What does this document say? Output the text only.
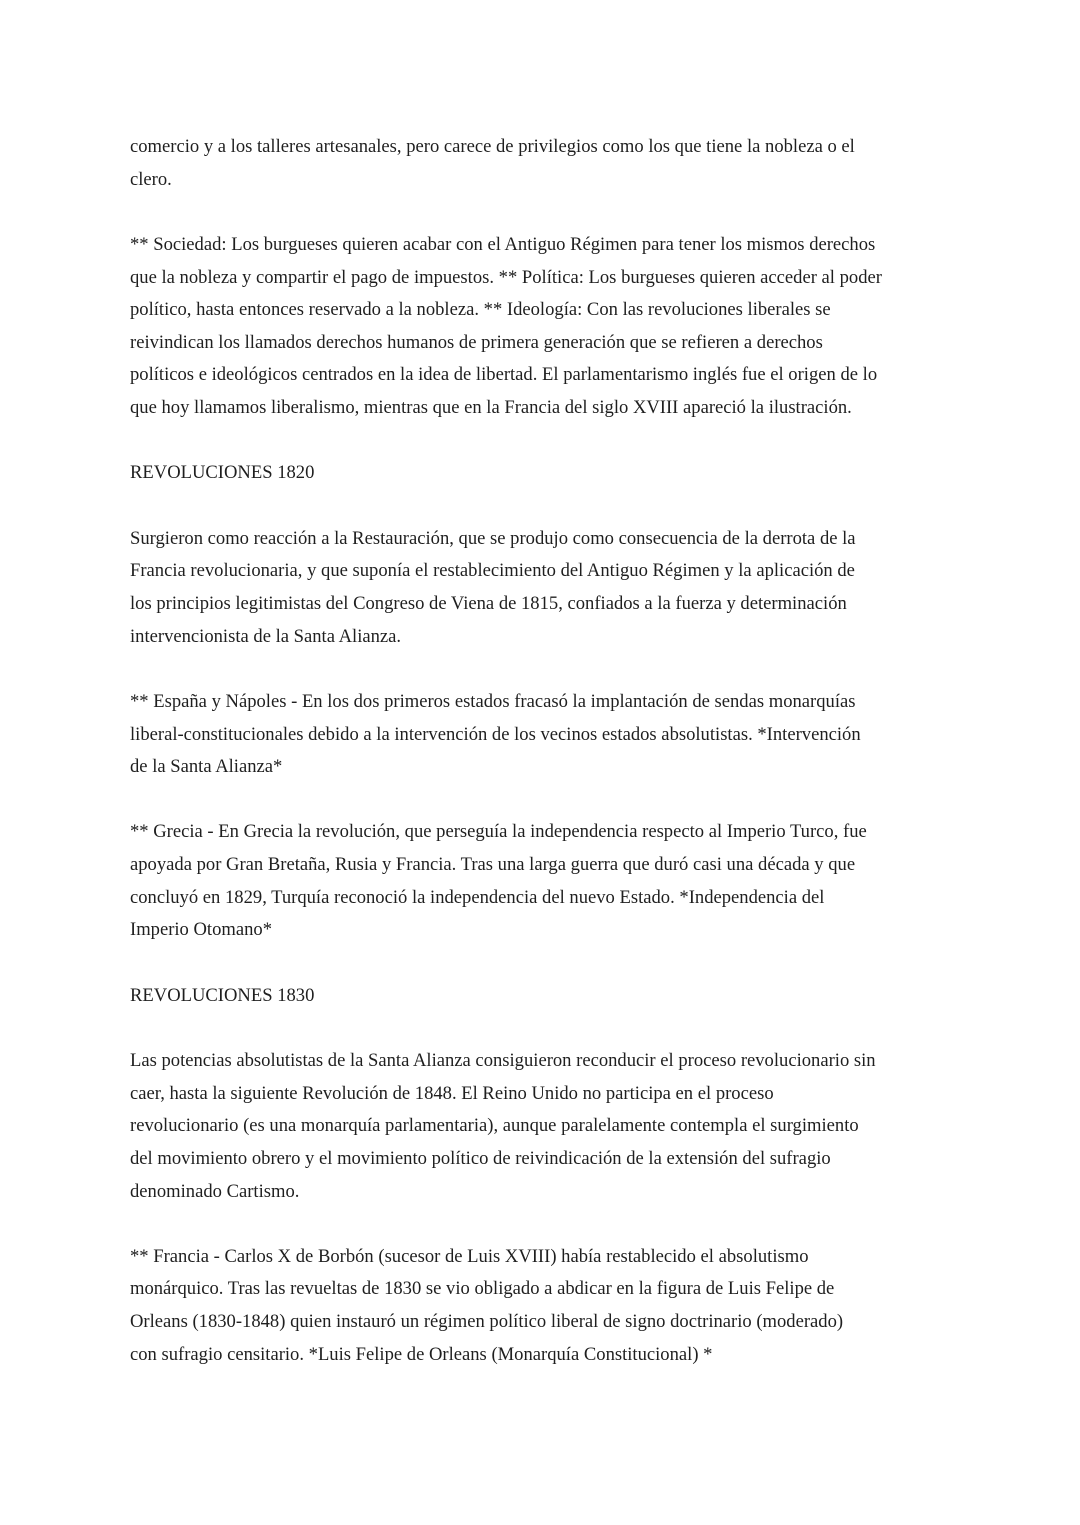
comercio y a los talleres artesanales, pero carece de privilegios como los que tiene la nobleza o el
clero.
** Sociedad: Los burgueses quieren acabar con el Antiguo Régimen para tener los mismos derechos
que la nobleza y compartir el pago de impuestos. ** Política: Los burgueses quieren acceder al poder
político, hasta entonces reservado a la nobleza. ** Ideología: Con las revoluciones liberales se
reivindican los llamados derechos humanos de primera generación que se refieren a derechos
políticos e ideológicos centrados en la idea de libertad. El parlamentarismo inglés fue el origen de lo
que hoy llamamos liberalismo, mientras que en la Francia del siglo XVIII apareció la ilustración.
REVOLUCIONES 1820
Surgieron como reacción a la Restauración, que se produjo como consecuencia de la derrota de la
Francia revolucionaria, y que suponía el restablecimiento del Antiguo Régimen y la aplicación de
los principios legitimistas del Congreso de Viena de 1815, confiados a la fuerza y determinación
intervencionista de la Santa Alianza.
** España y Nápoles - En los dos primeros estados fracasó la implantación de sendas monarquías
liberal-constitucionales debido a la intervención de los vecinos estados absolutistas. *Intervención
de la Santa Alianza*
** Grecia - En Grecia la revolución, que perseguía la independencia respecto al Imperio Turco, fue
apoyada por Gran Bretaña, Rusia y Francia. Tras una larga guerra que duró casi una década y que
concluyó en 1829, Turquía reconoció la independencia del nuevo Estado. *Independencia del
Imperio Otomano*
REVOLUCIONES 1830
Las potencias absolutistas de la Santa Alianza consiguieron reconducir el proceso revolucionario sin
caer, hasta la siguiente Revolución de 1848. El Reino Unido no participa en el proceso
revolucionario (es una monarquía parlamentaria), aunque paralelamente contempla el surgimiento
del movimiento obrero y el movimiento político de reivindicación de la extensión del sufragio
denominado Cartismo.
** Francia - Carlos X de Borbón (sucesor de Luis XVIII) había restablecido el absolutismo
monárquico. Tras las revueltas de 1830 se vio obligado a abdicar en la figura de Luis Felipe de
Orleans (1830-1848) quien instauró un régimen político liberal de signo doctrinario (moderado)
con sufragio censitario. *Luis Felipe de Orleans (Monarquía Constitucional) *
